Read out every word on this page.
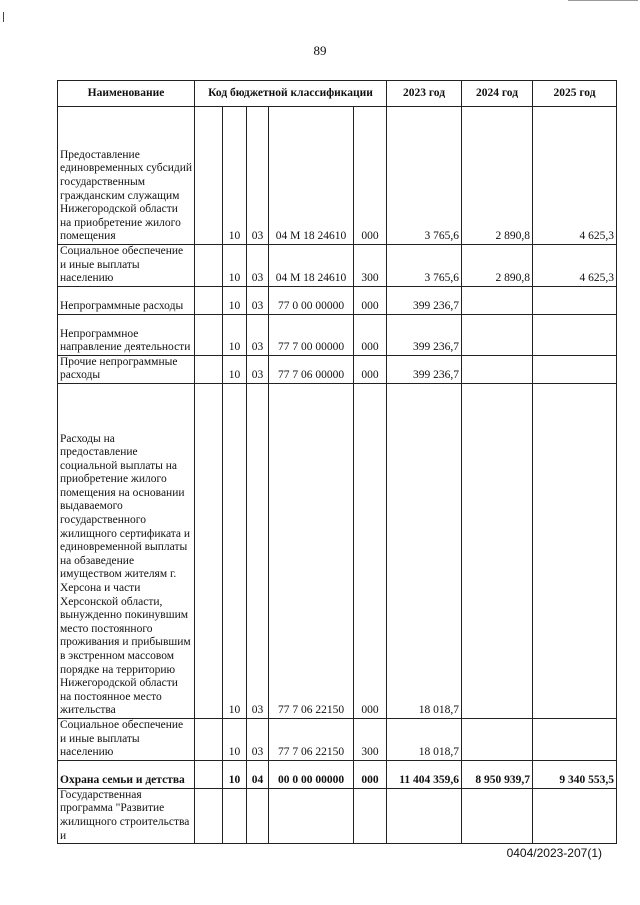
89
Наименование	Код бюджетной классификации					2023 год	2024 год	2025 год
Предоставление единовременных субсидий государственным гражданским служащим Нижегородской области на приобретение жилого помещения		10	03	04 М 18 24610	000	3 765,6	2 890,8	4 625,3
Социальное обеспечение и иные выплаты населению		10	03	04 М 18 24610	300	3 765,6	2 890,8	4 625,3
Непрограммные расходы		10	03	77 0 00 00000	000	399 236,7		
Непрограммное направление деятельности		10	03	77 7 00 00000	000	399 236,7		
Прочие непрограммные расходы		10	03	77 7 06 00000	000	399 236,7		
Расходы на предоставление социальной выплаты на приобретение жилого помещения на основании выдаваемого государственного жилищного сертификата и единовременной выплаты на обзаведение имуществом жителям г. Херсона и части Херсонской области, вынужденно покинувшим место постоянного проживания и прибывшим в экстренном массовом порядке на территорию Нижегородской области на постоянное место жительства		10	03	77 7 06 22150	000	18 018,7		
Социальное обеспечение и иные выплаты населению		10	03	77 7 06 22150	300	18 018,7		
Охрана семьи и детства		10	04	00 0 00 00000	000	11 404 359,6	8 950 939,7	9 340 553,5
Государственная программа "Развитие жилищного строительства и								
0404/2023-207(1)
